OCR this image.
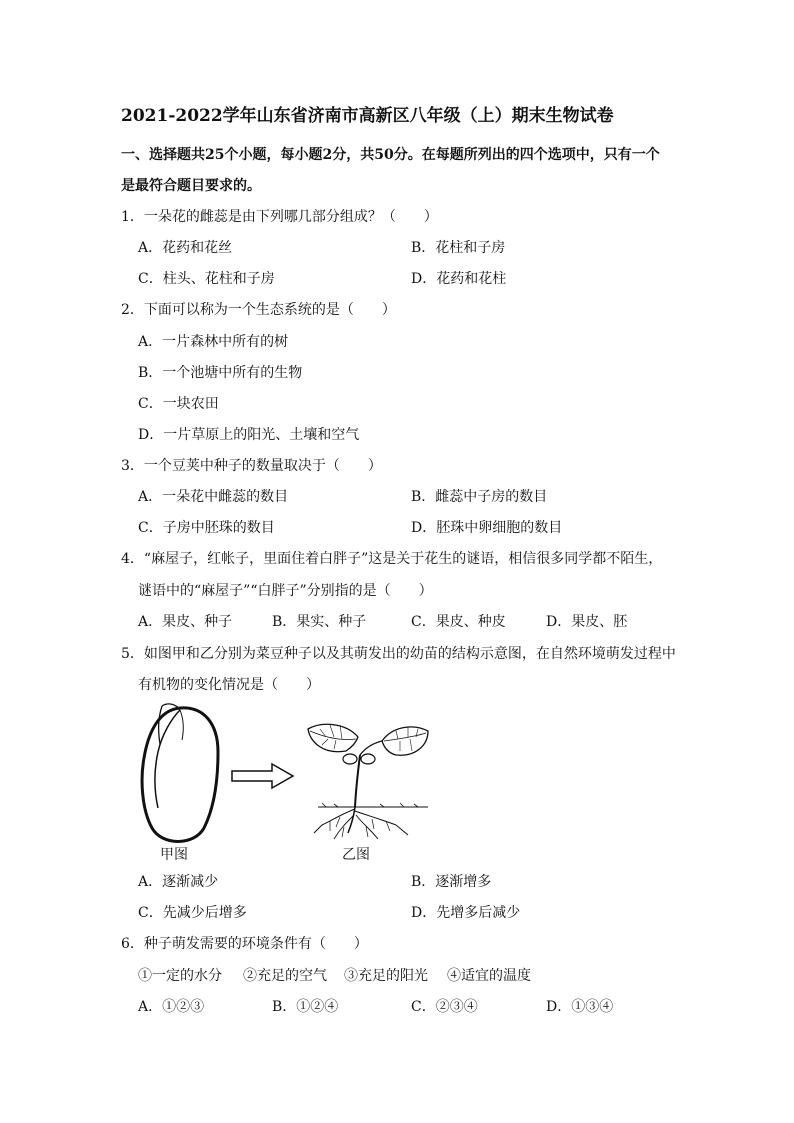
2021-2022学年山东省济南市高新区八年级（上）期末生物试卷
一、选择题共25个小题，每小题2分，共50分。在每题所列出的四个选项中，只有一个
是最符合题目要求的。
1．一朵花的雌蕊是由下列哪几部分组成？（　　）
A．花药和花丝	B．花柱和子房
C．柱头、花柱和子房	D．花药和花柱
2．下面可以称为一个生态系统的是（　　）
A．一片森林中所有的树
B．一个池塘中所有的生物
C．一块农田
D．一片草原上的阳光、土壤和空气
3．一个豆荚中种子的数量取决于（　　）
A．一朵花中雌蕊的数目	B．雌蕊中子房的数目
C．子房中胚珠的数目	D．胚珠中卵细胞的数目
4．“麻屋子，红帐子，里面住着白胖子”这是关于花生的谜语，相信很多同学都不陌生，
谜语中的“麻屋子”“白胖子”分别指的是（　　）
A．果皮、种子	B．果实、种子	C．果皮、种皮	D．果皮、胚
5．如图甲和乙分别为菜豆种子以及其萌发出的幼苗的结构示意图，在自然环境萌发过程中
有机物的变化情况是（　　）
甲图	乙图
A．逐渐减少	B．逐渐增多
C．先减少后增多	D．先增多后减少
6．种子萌发需要的环境条件有（　　）
①一定的水分 ②充足的空气 ③充足的阳光 ④适宜的温度
A．①②③	B．①②④	C．②③④	D．①③④
